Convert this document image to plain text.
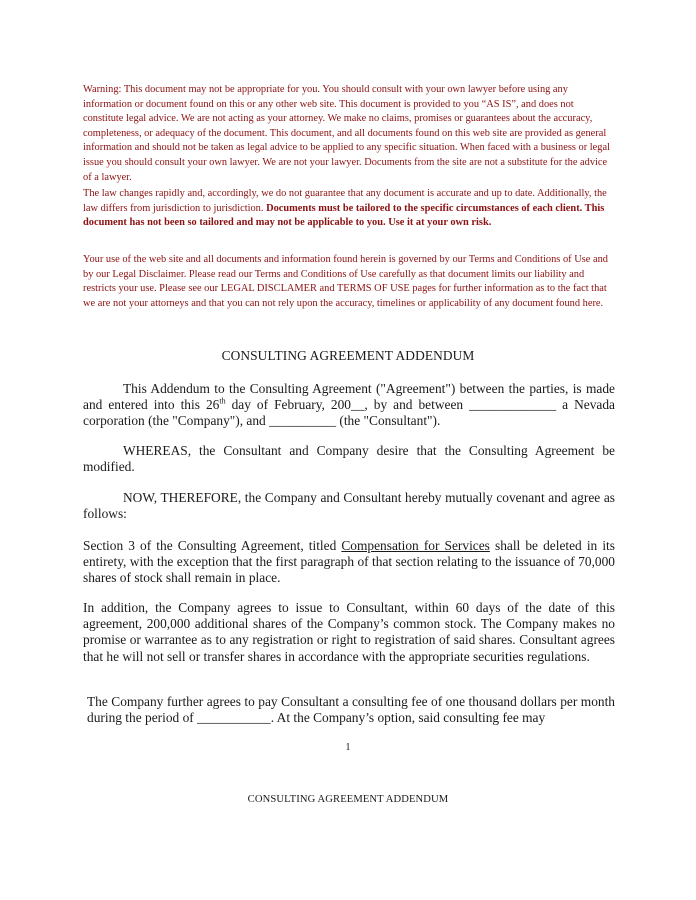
Warning: This document may not be appropriate for you. You should consult with your own lawyer before using any information or document found on this or any other web site. This document is provided to you “AS IS”, and does not constitute legal advice. We are not acting as your attorney. We make no claims, promises or guarantees about the accuracy, completeness, or adequacy of the document. This document, and all documents found on this web site are provided as general information and should not be taken as legal advice to be applied to any specific situation. When faced with a business or legal issue you should consult your own lawyer. We are not your lawyer. Documents from the site are not a substitute for the advice of a lawyer.

The law changes rapidly and, accordingly, we do not guarantee that any document is accurate and up to date. Additionally, the law differs from jurisdiction to jurisdiction. Documents must be tailored to the specific circumstances of each client. This document has not been so tailored and may not be applicable to you. Use it at your own risk.

Your use of the web site and all documents and information found herein is governed by our Terms and Conditions of Use and by our Legal Disclaimer. Please read our Terms and Conditions of Use carefully as that document limits our liability and restricts your use. Please see our LEGAL DISCLAMER and TERMS OF USE pages for further information as to the fact that we are not your attorneys and that you can not rely upon the accuracy, timelines or applicability of any document found here.

CONSULTING AGREEMENT ADDENDUM

This Addendum to the Consulting Agreement ("Agreement") between the parties, is made and entered into this 26th day of February, 200__, by and between _____________ a Nevada corporation (the "Company"), and __________ (the "Consultant").

WHEREAS, the Consultant and Company desire that the Consulting Agreement be modified.

NOW, THEREFORE, the Company and Consultant hereby mutually covenant and agree as follows:

Section 3 of the Consulting Agreement, titled Compensation for Services shall be deleted in its entirety, with the exception that the first paragraph of that section relating to the issuance of 70,000 shares of stock shall remain in place.

In addition, the Company agrees to issue to Consultant, within 60 days of the date of this agreement, 200,000 additional shares of the Company’s common stock. The Company makes no promise or warrantee as to any registration or right to registration of said shares. Consultant agrees that he will not sell or transfer shares in accordance with the appropriate securities regulations.

The Company further agrees to pay Consultant a consulting fee of one thousand dollars per month during the period of ___________. At the Company’s option, said consulting fee may

1
CONSULTING AGREEMENT ADDENDUM
